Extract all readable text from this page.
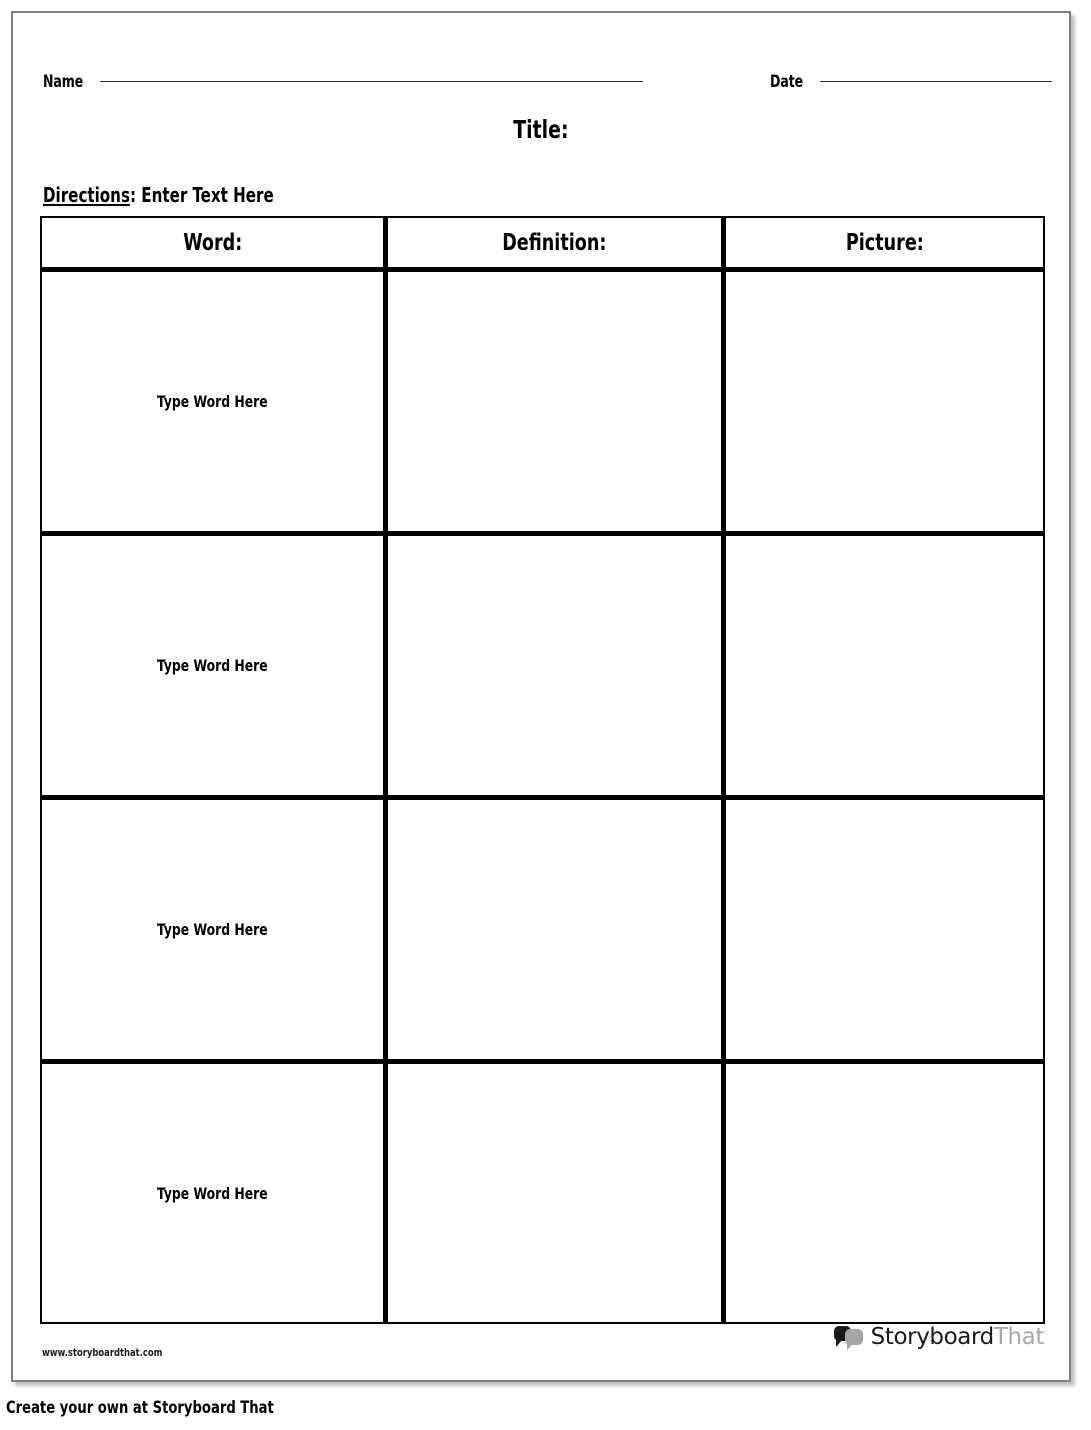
Name	Date
Title:
Directions: Enter Text Here
Word:	Definition:	Picture:
Type Word Here
Type Word Here
Type Word Here
Type Word Here
www.storyboardthat.com
StoryboardThat
Create your own at Storyboard That
